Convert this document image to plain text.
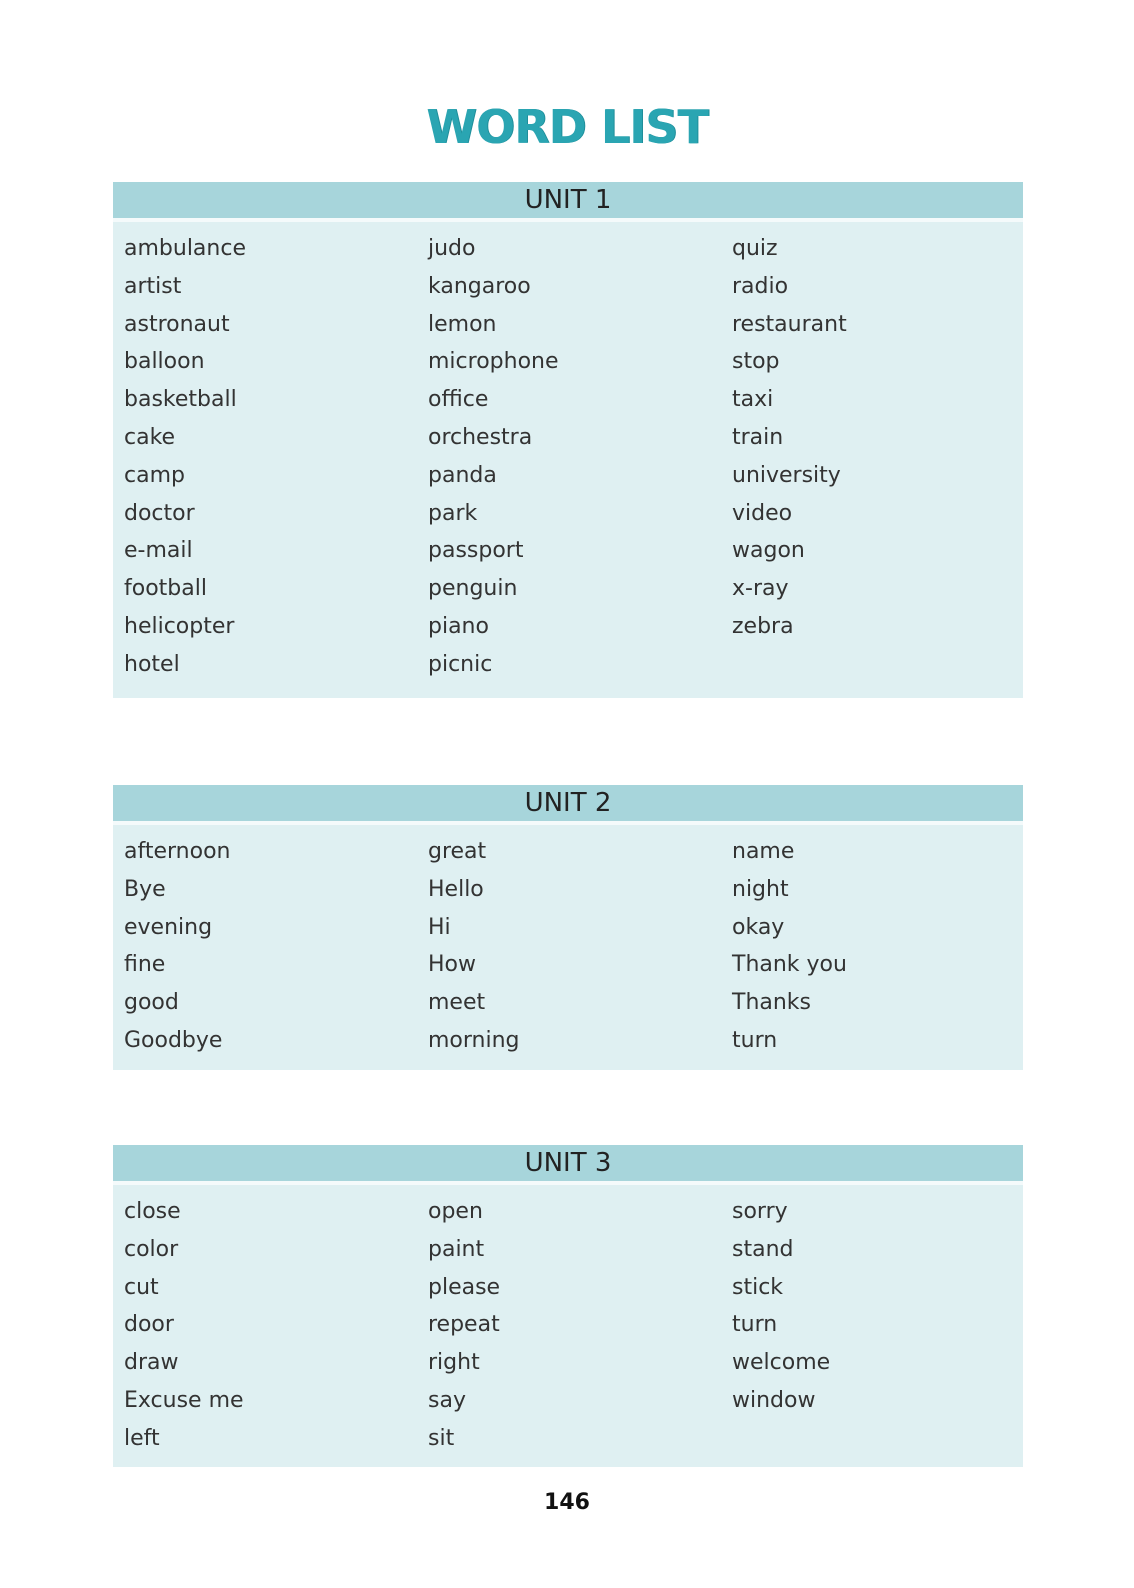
WORD LIST
UNIT 1
ambulance
artist
astronaut
balloon
basketball
cake
camp
doctor
e-mail
football
helicopter
hotel
judo
kangaroo
lemon
microphone
office
orchestra
panda
park
passport
penguin
piano
picnic
quiz
radio
restaurant
stop
taxi
train
university
video
wagon
x-ray
zebra
UNIT 2
afternoon
Bye
evening
fine
good
Goodbye
great
Hello
Hi
How
meet
morning
name
night
okay
Thank you
Thanks
turn
UNIT 3
close
color
cut
door
draw
Excuse me
left
open
paint
please
repeat
right
say
sit
sorry
stand
stick
turn
welcome
window
146
